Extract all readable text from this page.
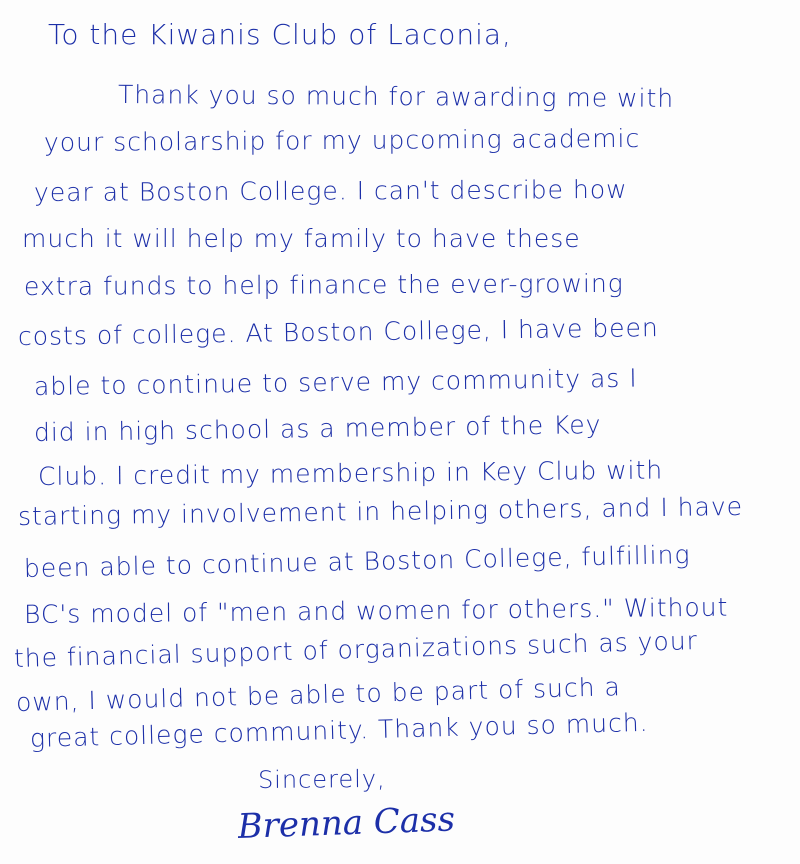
To the Kiwanis Club of Laconia,
Thank you so much for awarding me with
your scholarship for my upcoming academic
year at Boston College. I can't describe how
much it will help my family to have these
extra funds to help finance the ever-growing
costs of college. At Boston College, I have been
able to continue to serve my community as I
did in high school as a member of the Key
Club. I credit my membership in Key Club with
starting my involvement in helping others, and I have
been able to continue at Boston College, fulfilling
BC's model of "men and women for others." Without
the financial support of organizations such as your
own, I would not be able to be part of such a
great college community. Thank you so much.
Sincerely,
Brenna Cass
